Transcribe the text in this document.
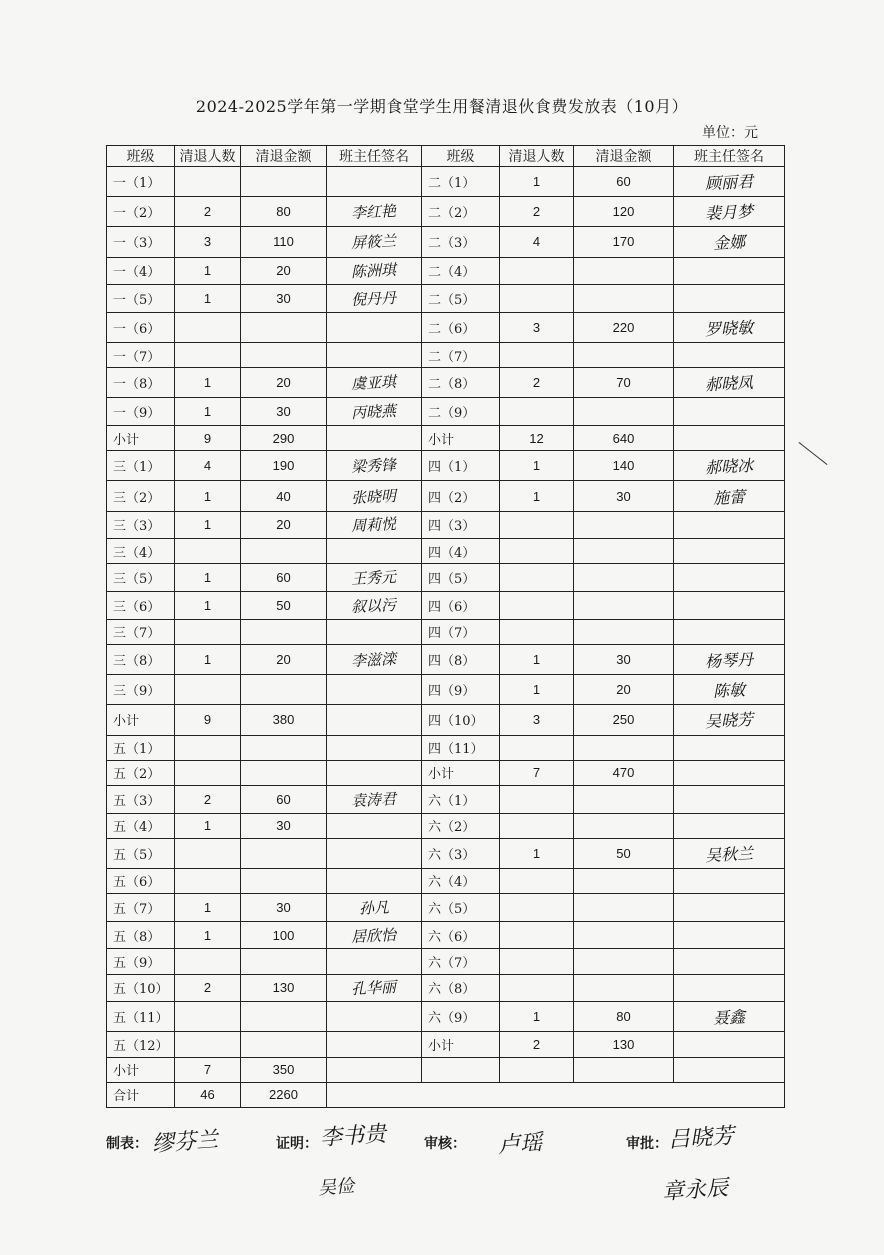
2024-2025学年第一学期食堂学生用餐清退伙食费发放表（10月）
单位：元
班级	清退人数	清退金额	班主任签名	班级	清退人数	清退金额	班主任签名
一（1）				二（1）	1	60	顾丽君
一（2）	2	80	李红艳	二（2）	2	120	裴月梦
一（3）	3	110	屏筱兰	二（3）	4	170	金娜
一（4）	1	20	陈洲琪	二（4）			
一（5）	1	30	倪丹丹	二（5）			
一（6）				二（6）	3	220	罗晓敏
一（7）				二（7）			
一（8）	1	20	虞亚琪	二（8）	2	70	郝晓凤
一（9）	1	30	丙晓燕	二（9）			
小计	9	290		小计	12	640	
三（1）	4	190	梁秀锋	四（1）	1	140	郝晓冰
三（2）	1	40	张晓明	四（2）	1	30	施蕾
三（3）	1	20	周莉悦	四（3）			
三（4）				四（4）			
三（5）	1	60	王秀元	四（5）			
三（6）	1	50	叙以污	四（6）			
三（7）				四（7）			
三（8）	1	20	李滋滦	四（8）	1	30	杨琴丹
三（9）				四（9）	1	20	陈敏
小计	9	380		四（10）	3	250	吴晓芳
五（1）				四（11）			
五（2）				小计	7	470	
五（3）	2	60	袁涛君	六（1）			
五（4）	1	30		六（2）			
五（5）				六（3）	1	50	吴秋兰
五（6）				六（4）			
五（7）	1	30	孙凡	六（5）			
五（8）	1	100	居欣怡	六（6）			
五（9）				六（7）			
五（10）	2	130	孔华丽	六（8）			
五（11）				六（9）	1	80	聂鑫
五（12）				小计	2	130	
小计	7	350					
合计	46	2260					
制表： 缪芬兰	证明： 李书贵
吴俭
审核： 卢瑶	审批： 吕晓芳
章永辰
